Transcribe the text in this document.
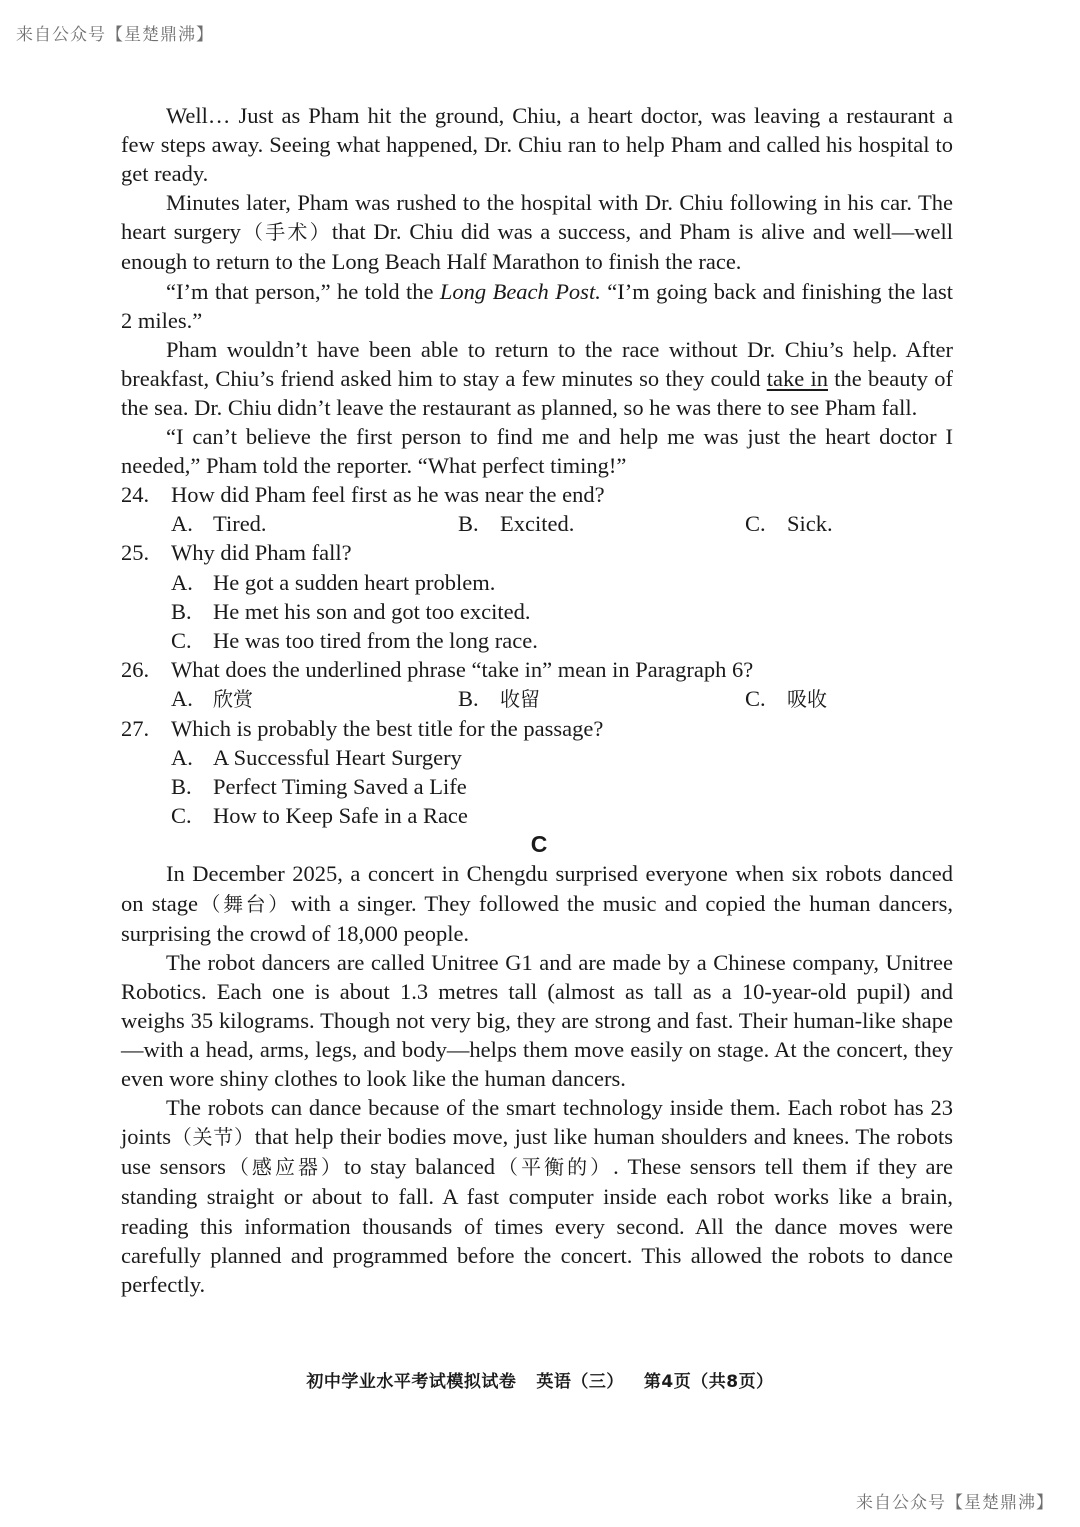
来自公众号【星楚鼎沸】

Well… Just as Pham hit the ground, Chiu, a heart doctor, was leaving a restaurant a few steps away. Seeing what happened, Dr. Chiu ran to help Pham and called his hospital to get ready.

Minutes later, Pham was rushed to the hospital with Dr. Chiu following in his car. The heart surgery（手术）that Dr. Chiu did was a success, and Pham is alive and well—well enough to return to the Long Beach Half Marathon to finish the race.

“I’m that person,” he told the Long Beach Post. “I’m going back and finishing the last 2 miles.”

Pham wouldn’t have been able to return to the race without Dr. Chiu’s help. After breakfast, Chiu’s friend asked him to stay a few minutes so they could take in the beauty of the sea. Dr. Chiu didn’t leave the restaurant as planned, so he was there to see Pham fall.

“I can’t believe the first person to find me and help me was just the heart doctor I needed,” Pham told the reporter. “What perfect timing!”

24. How did Pham feel first as he was near the end?
A. Tired.	B. Excited.	C. Sick.
25. Why did Pham fall?
A. He got a sudden heart problem.
B. He met his son and got too excited.
C. He was too tired from the long race.
26. What does the underlined phrase “take in” mean in Paragraph 6?
A. 欣赏	B. 收留	C. 吸收
27. Which is probably the best title for the passage?
A. A Successful Heart Surgery
B. Perfect Timing Saved a Life
C. How to Keep Safe in a Race
C

In December 2025, a concert in Chengdu surprised everyone when six robots danced on stage（舞台）with a singer. They followed the music and copied the human dancers, surprising the crowd of 18,000 people.

The robot dancers are called Unitree G1 and are made by a Chinese company, Unitree Robotics. Each one is about 1.3 metres tall (almost as tall as a 10-year-old pupil) and weighs 35 kilograms. Though not very big, they are strong and fast. Their human-like shape—with a head, arms, legs, and body—helps them move easily on stage. At the concert, they even wore shiny clothes to look like the human dancers.

The robots can dance because of the smart technology inside them. Each robot has 23 joints（关节）that help their bodies move, just like human shoulders and knees. The robots use sensors（感应器）to stay balanced（平衡的）. These sensors tell them if they are standing straight or about to fall. A fast computer inside each robot works like a brain, reading this information thousands of times every second. All the dance moves were carefully planned and programmed before the concert. This allowed the robots to dance perfectly.

初中学业水平考试模拟试卷 英语（三） 第4页（共8页）
来自公众号【星楚鼎沸】
